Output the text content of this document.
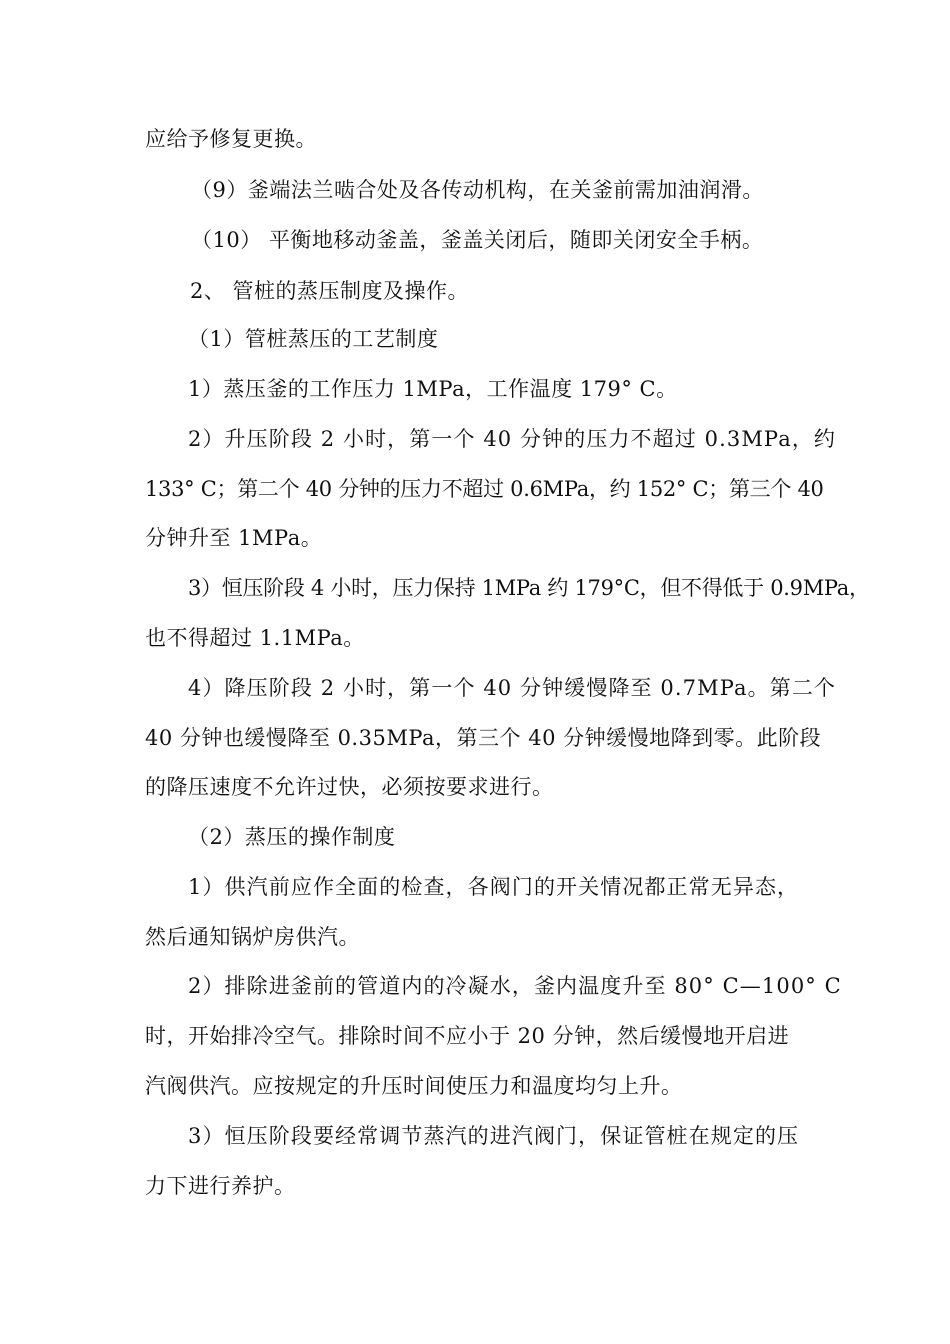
应给予修复更换。
（9）釜端法兰啮合处及各传动机构，在关釜前需加油润滑。
（10） 平衡地移动釜盖，釜盖关闭后，随即关闭安全手柄。
2、 管桩的蒸压制度及操作。
（1）管桩蒸压的工艺制度
1）蒸压釜的工作压力 1MPa，工作温度 179° C。
2）升压阶段 2 小时，第一个 40 分钟的压力不超过 0.3MPa，约
133° C；第二个 40 分钟的压力不超过 0.6MPa，约 152° C；第三个 40
分钟升至 1MPa。
3）恒压阶段 4 小时，压力保持 1MPa 约 179°C，但不得低于 0.9MPa，
也不得超过 1.1MPa。
4）降压阶段 2 小时，第一个 40 分钟缓慢降至 0.7MPa。第二个
40 分钟也缓慢降至 0.35MPa，第三个 40 分钟缓慢地降到零。此阶段
的降压速度不允许过快，必须按要求进行。
（2）蒸压的操作制度
1）供汽前应作全面的检查，各阀门的开关情况都正常无异态，
然后通知锅炉房供汽。
2）排除进釜前的管道内的冷凝水，釜内温度升至 80° C—100° C
时，开始排冷空气。排除时间不应小于 20 分钟，然后缓慢地开启进
汽阀供汽。应按规定的升压时间使压力和温度均匀上升。
3）恒压阶段要经常调节蒸汽的进汽阀门，保证管桩在规定的压
力下进行养护。
